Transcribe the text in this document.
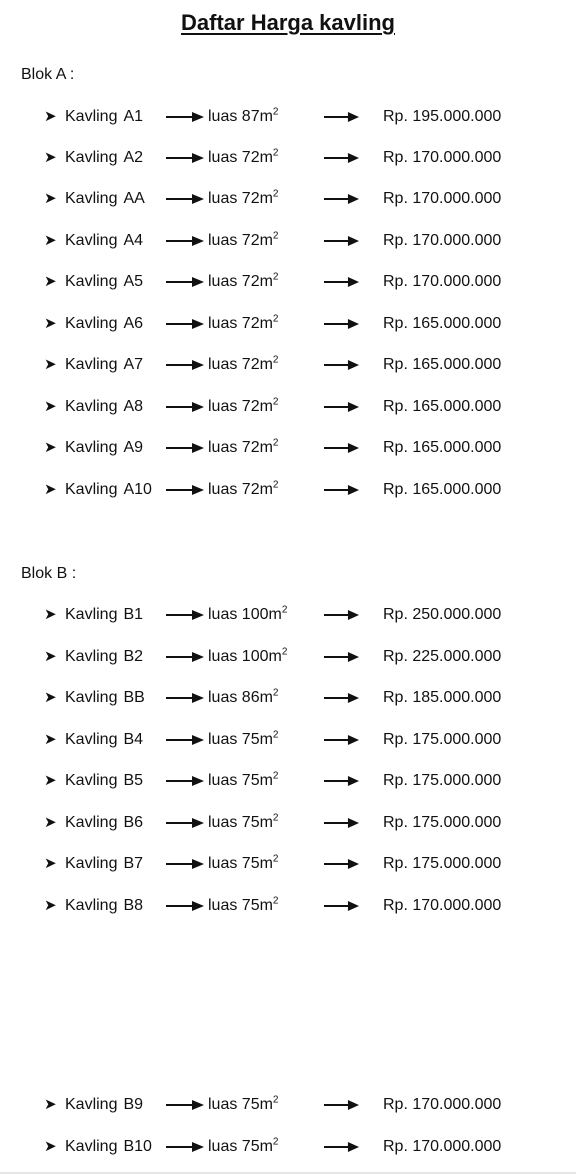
Daftar Harga kavling
Blok A :
Blok B :
➤ Kavling A1	luas $87m^2$	Rp. 195.000.000
➤ Kavling A2	luas $72m^2$	Rp. 170.000.000
➤ Kavling AA	luas $72m^2$	Rp. 170.000.000
➤ Kavling A4	luas $72m^2$	Rp. 170.000.000
➤ Kavling A5	luas $72m^2$	Rp. 170.000.000
➤ Kavling A6	luas $72m^2$	Rp. 165.000.000
➤ Kavling A7	luas $72m^2$	Rp. 165.000.000
➤ Kavling A8	luas $72m^2$	Rp. 165.000.000
➤ Kavling A9	luas $72m^2$	Rp. 165.000.000
➤ Kavling A10	luas $72m^2$	Rp. 165.000.000
➤ Kavling B1	luas $100m^2$	Rp. 250.000.000
➤ Kavling B2	luas $100m^2$	Rp. 225.000.000
➤ Kavling BB	luas $86m^2$	Rp. 185.000.000
➤ Kavling B4	luas $75m^2$	Rp. 175.000.000
➤ Kavling B5	luas $75m^2$	Rp. 175.000.000
➤ Kavling B6	luas $75m^2$	Rp. 175.000.000
➤ Kavling B7	luas $75m^2$	Rp. 175.000.000
➤ Kavling B8	luas $75m^2$	Rp. 170.000.000
➤ Kavling B9	luas $75m^2$	Rp. 170.000.000
➤ Kavling B10	luas $75m^2$	Rp. 170.000.000
